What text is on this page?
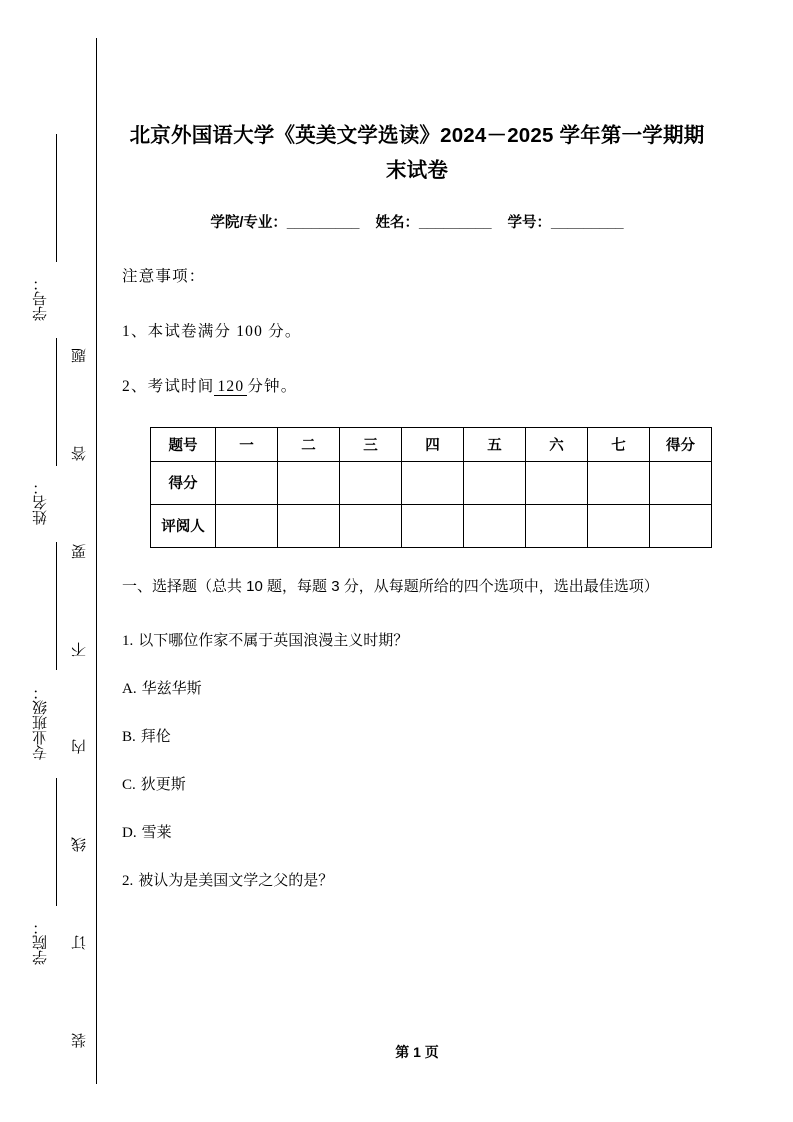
题
答
要
不
内
线
订
装
学号：
姓名：
专业班级：
学院：
北京外国语大学《英美文学选读》2024－2025 学年第一学期期末试卷

学院/专业：_________ 姓名：_________ 学号：_________

注意事项：

1、本试卷满分 100 分。

2、考试时间 120 分钟。

题号	一	二	三	四	五	六	七	得分
得分								
评阅人								

一、选择题（总共 10 题，每题 3 分，从每题所给的四个选项中，选出最佳选项）

1. 以下哪位作家不属于英国浪漫主义时期？

A. 华兹华斯

B. 拜伦

C. 狄更斯

D. 雪莱

2. 被认为是美国文学之父的是？

第 1 页
